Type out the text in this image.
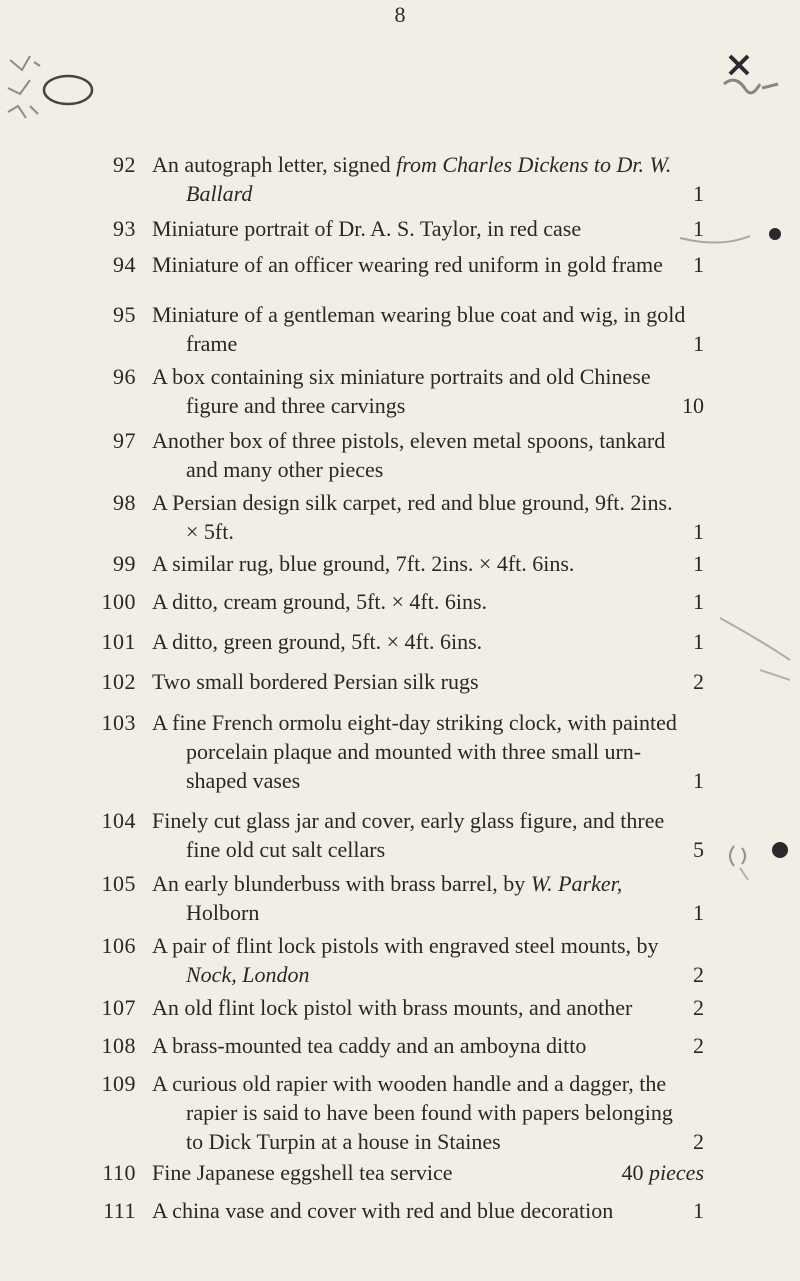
8
92 An autograph letter, signed from Charles Dickens to Dr. W.
Ballard	1
93 Miniature portrait of Dr. A. S. Taylor, in red case	1
94 Miniature of an officer wearing red uniform in gold frame	1
95 Miniature of a gentleman wearing blue coat and wig, in gold
frame	1
96 A box containing six miniature portraits and old Chinese
figure and three carvings	10
97 Another box of three pistols, eleven metal spoons, tankard
and many other pieces
98 A Persian design silk carpet, red and blue ground, 9ft. 2ins.
× 5ft.	1
99 A similar rug, blue ground, 7ft. 2ins. × 4ft. 6ins.	1
100 A ditto, cream ground, 5ft. × 4ft. 6ins.	1
101 A ditto, green ground, 5ft. × 4ft. 6ins.	1
102 Two small bordered Persian silk rugs	2
103 A fine French ormolu eight-day striking clock, with painted
porcelain plaque and mounted with three small urn-
shaped vases	1
104 Finely cut glass jar and cover, early glass figure, and three
fine old cut salt cellars	5
105 An early blunderbuss with brass barrel, by W. Parker,
Holborn	1
106 A pair of flint lock pistols with engraved steel mounts, by
Nock, London	2
107 An old flint lock pistol with brass mounts, and another	2
108 A brass-mounted tea caddy and an amboyna ditto	2
109 A curious old rapier with wooden handle and a dagger, the
rapier is said to have been found with papers belonging
to Dick Turpin at a house in Staines	2
110 Fine Japanese eggshell tea service	40 pieces
111 A china vase and cover with red and blue decoration	1
